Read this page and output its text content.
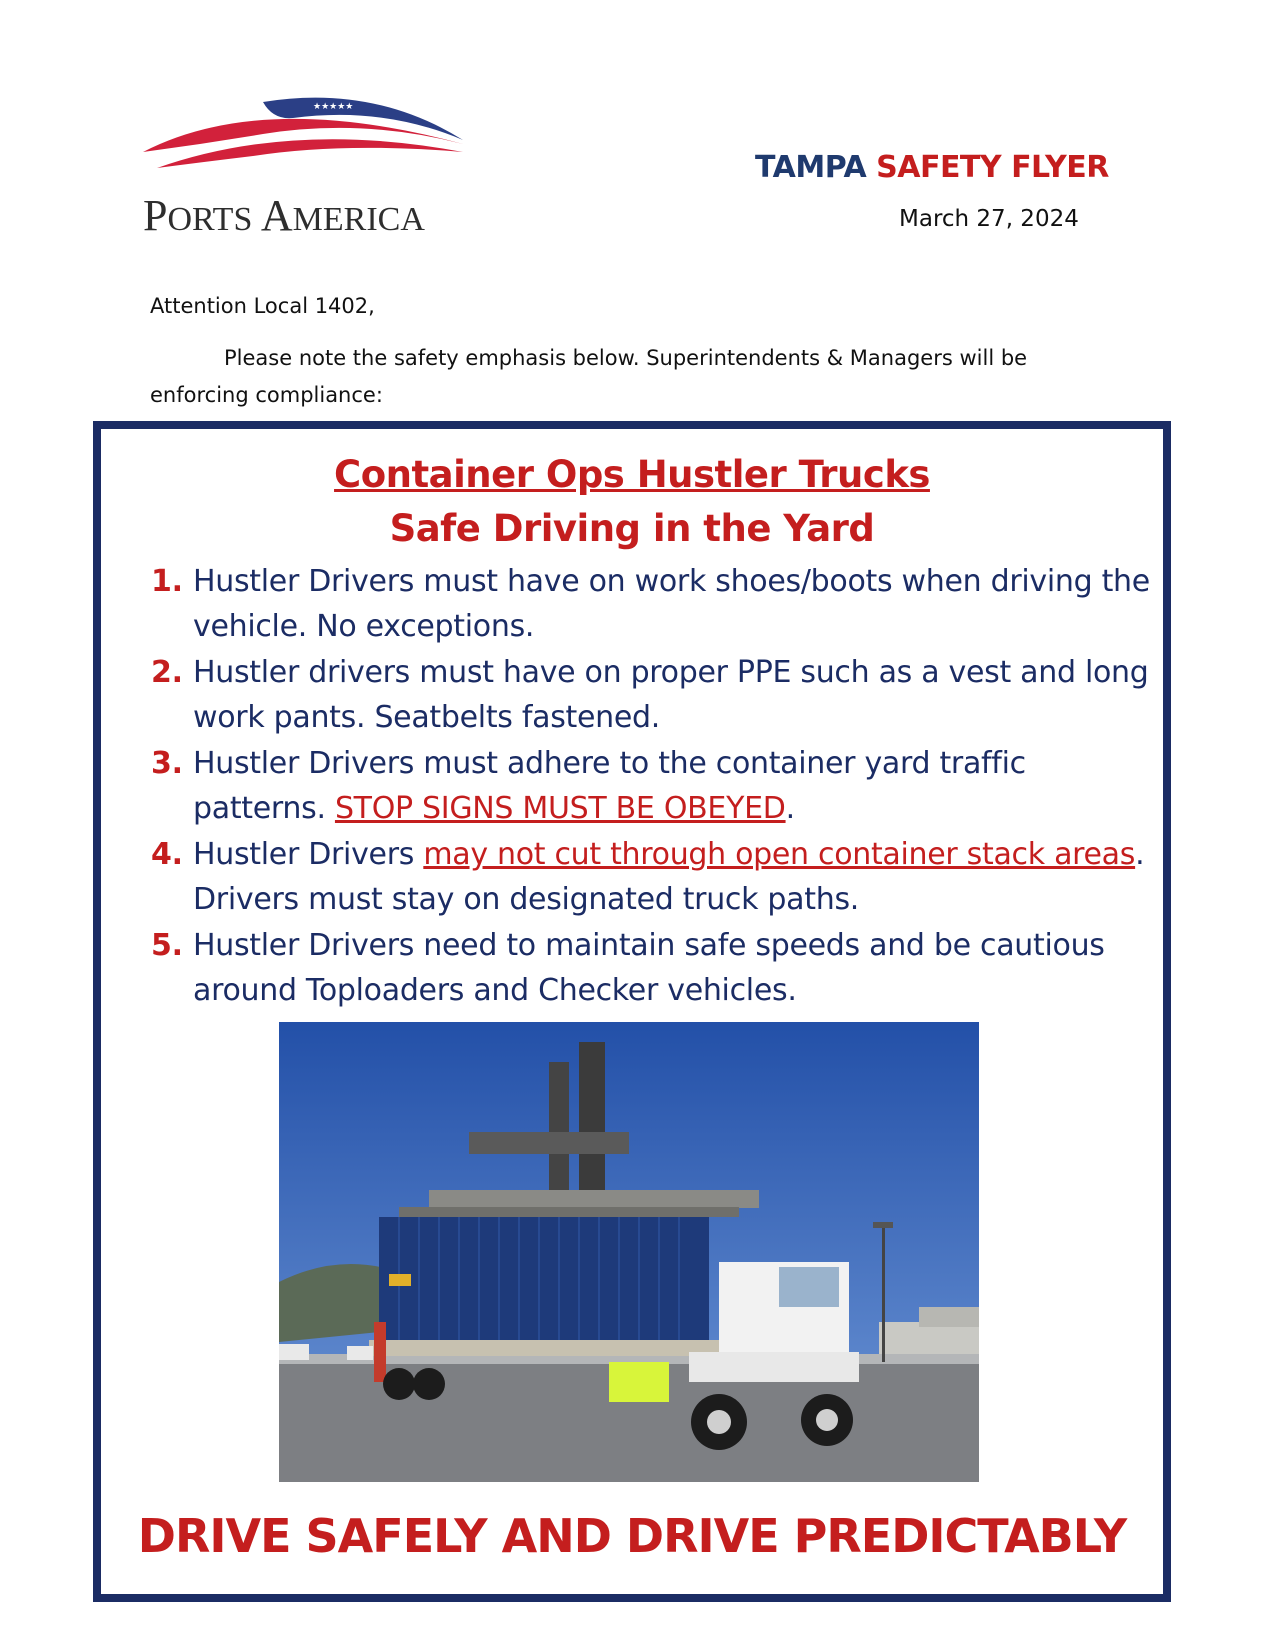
★★★★★
PORTS AMERICA
TAMPA SAFETY FLYER
March 27, 2024
Attention Local 1402,
Please note the safety emphasis below. Superintendents & Managers will be enforcing compliance:
Container Ops Hustler Trucks
Safe Driving in the Yard
1. Hustler Drivers must have on work shoes/boots when driving the vehicle. No exceptions.
2. Hustler drivers must have on proper PPE such as a vest and long work pants. Seatbelts fastened.
3. Hustler Drivers must adhere to the container yard traffic patterns. STOP SIGNS MUST BE OBEYED.
4. Hustler Drivers may not cut through open container stack areas. Drivers must stay on designated truck paths.
5. Hustler Drivers need to maintain safe speeds and be cautious around Toploaders and Checker vehicles.
DRIVE SAFELY AND DRIVE PREDICTABLY
